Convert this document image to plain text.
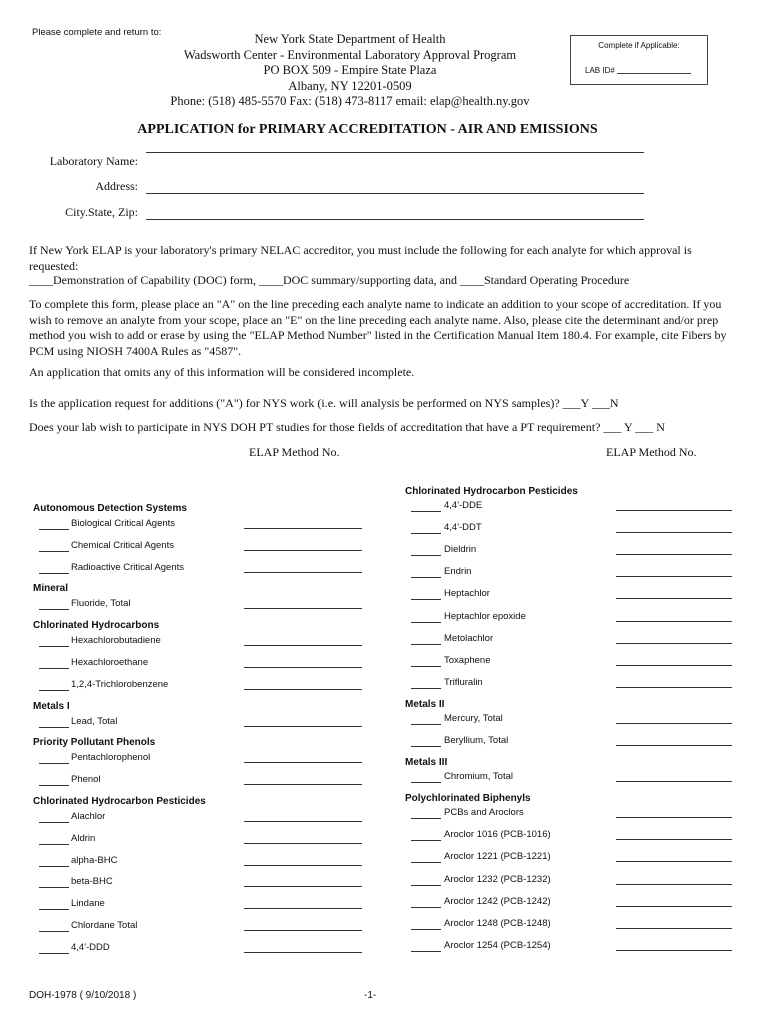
Please complete and return to:	New York State Department of Health
Wadsworth Center - Environmental Laboratory Approval Program
PO BOX 509 - Empire State Plaza
Albany, NY 12201-0509
Phone: (518) 485-5570 Fax: (518) 473-8117 email: elap@health.ny.gov
Complete if Applicable:
LAB ID#
APPLICATION for PRIMARY ACCREDITATION - AIR AND EMISSIONS
Laboratory Name:
Address:
City.State, Zip:
If New York ELAP is your laboratory's primary NELAC accreditor, you must include the following for each analyte for which approval is requested:
____Demonstration of Capability (DOC) form, ____DOC summary/supporting data, and ____Standard Operating Procedure
To complete this form, please place an "A" on the line preceding each analyte name to indicate an addition to your scope of accreditation. If you wish to remove an analyte from your scope, place an "E" on the line preceding each analyte name. Also, please cite the determinant and/or prep method you wish to add or erase by using the "ELAP Method Number" listed in the Certification Manual Item 180.4. For example, cite Fibers by PCM using NIOSH 7400A Rules as "4587".
An application that omits any of this information will be considered incomplete.
Is the application request for additions ("A") for NYS work (i.e. will analysis be performed on NYS samples)? ___Y ___N
Does your lab wish to participate in NYS DOH PT studies for those fields of accreditation that have a PT requirement? ___ Y ___ N
ELAP Method No.	ELAP Method No.
Autonomous Detection Systems
Biological Critical Agents
Chemical Critical Agents
Radioactive Critical Agents
Mineral
Fluoride, Total
Chlorinated Hydrocarbons
Hexachlorobutadiene
Hexachloroethane
1,2,4-Trichlorobenzene
Metals I
Lead, Total
Priority Pollutant Phenols
Pentachlorophenol
Phenol
Chlorinated Hydrocarbon Pesticides
Alachlor
Aldrin
alpha-BHC
beta-BHC
Lindane
Chlordane Total
4,4'-DDD
Chlorinated Hydrocarbon Pesticides
4,4'-DDE
4,4'-DDT
Dieldrin
Endrin
Heptachlor
Heptachlor epoxide
Metolachlor
Toxaphene
Trifluralin
Metals II
Mercury, Total
Beryllium, Total
Metals III
Chromium, Total
Polychlorinated Biphenyls
PCBs and Aroclors
Aroclor 1016 (PCB-1016)
Aroclor 1221 (PCB-1221)
Aroclor 1232 (PCB-1232)
Aroclor 1242 (PCB-1242)
Aroclor 1248 (PCB-1248)
Aroclor 1254 (PCB-1254)
DOH-1978 ( 9/10/2018 )	-1-
